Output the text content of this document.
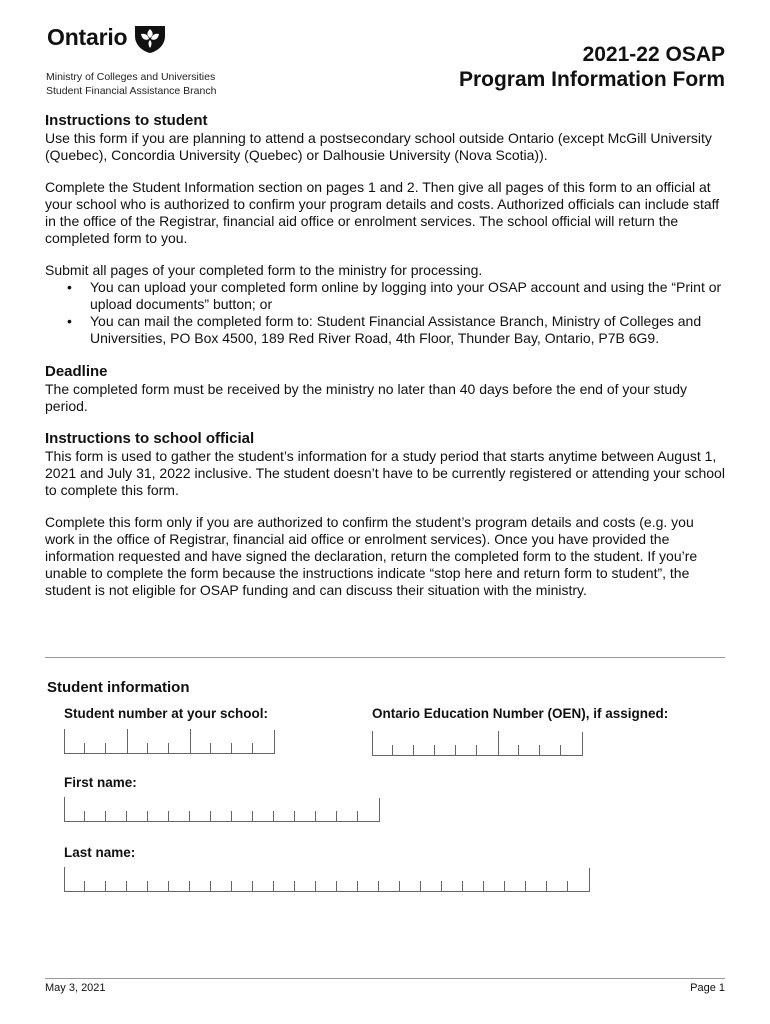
Ontario
Ministry of Colleges and Universities
Student Financial Assistance Branch
2021-22 OSAP
Program Information Form
Instructions to student

Use this form if you are planning to attend a postsecondary school outside Ontario (except McGill University (Quebec), Concordia University (Quebec) or Dalhousie University (Nova Scotia)).

Complete the Student Information section on pages 1 and 2. Then give all pages of this form to an official at your school who is authorized to confirm your program details and costs. Authorized officials can include staff in the office of the Registrar, financial aid office or enrolment services. The school official will return the completed form to you.

Submit all pages of your completed form to the ministry for processing.

• You can upload your completed form online by logging into your OSAP account and using the “Print or upload documents” button; or
• You can mail the completed form to: Student Financial Assistance Branch, Ministry of Colleges and Universities, PO Box 4500, 189 Red River Road, 4th Floor, Thunder Bay, Ontario, P7B 6G9.
Deadline

The completed form must be received by the ministry no later than 40 days before the end of your study period.

Instructions to school official

This form is used to gather the student’s information for a study period that starts anytime between August 1, 2021 and July 31, 2022 inclusive. The student doesn’t have to be currently registered or attending your school to complete this form.

Complete this form only if you are authorized to confirm the student’s program details and costs (e.g. you work in the office of Registrar, financial aid office or enrolment services). Once you have provided the information requested and have signed the declaration, return the completed form to the student. If you’re unable to complete the form because the instructions indicate “stop here and return form to student”, the student is not eligible for OSAP funding and can discuss their situation with the ministry.

Student information
Student number at your school:	Ontario Education Number (OEN), if assigned:
First name:
Last name:
May 3, 2021	Page 1
